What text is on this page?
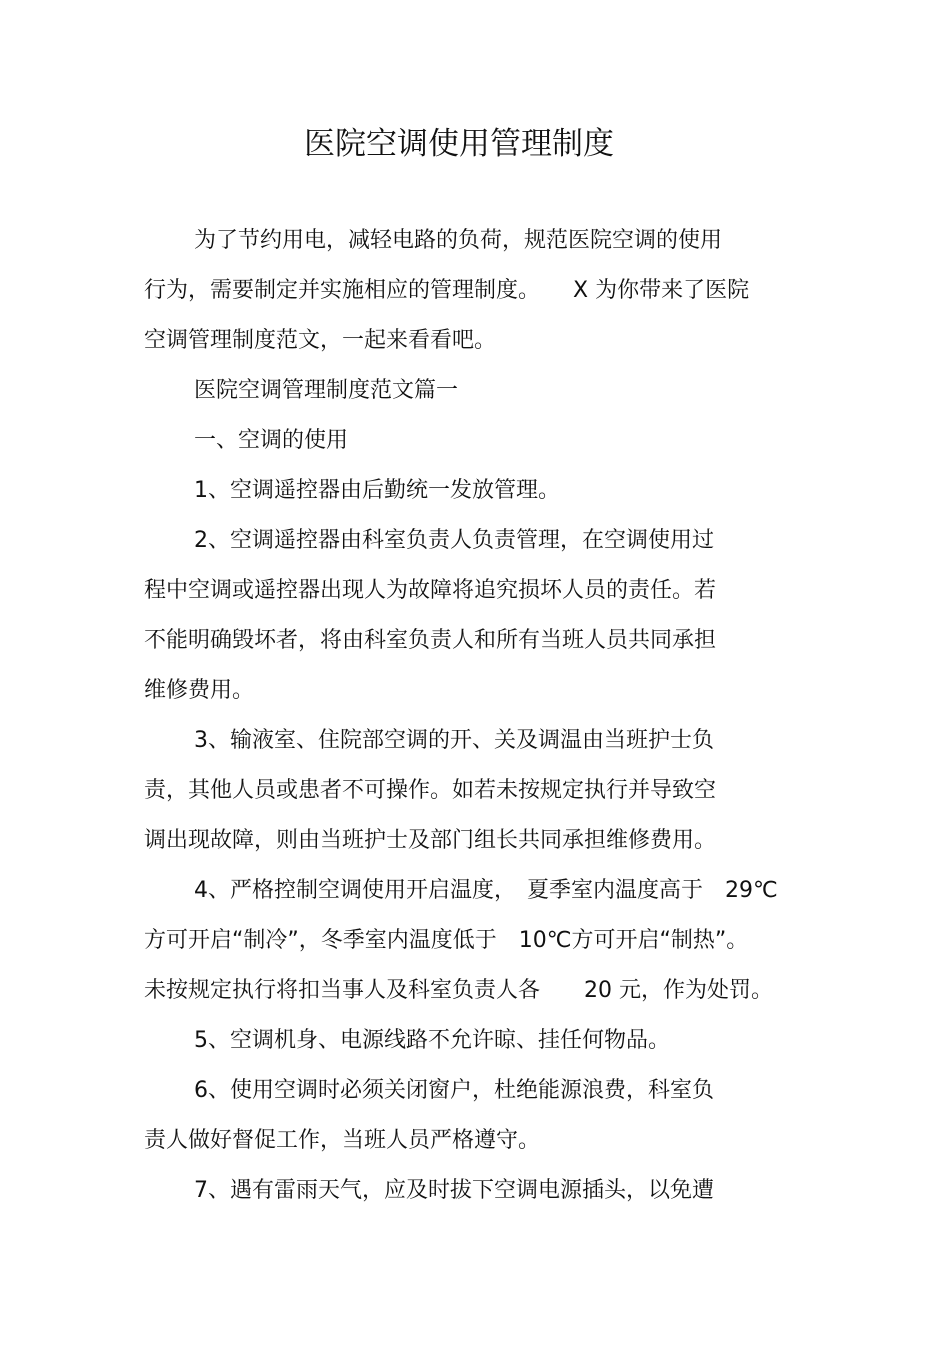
医院空调使用管理制度
为了节约用电，减轻电路的负荷，规范医院空调的使用
行为，需要制定并实施相应的管理制度。　　X 为你带来了医院
空调管理制度范文，一起来看看吧。
医院空调管理制度范文篇一
一、空调的使用
1、空调遥控器由后勤统一发放管理。
2、空调遥控器由科室负责人负责管理，在空调使用过
程中空调或遥控器出现人为故障将追究损坏人员的责任。若
不能明确毁坏者，将由科室负责人和所有当班人员共同承担
维修费用。
3、输液室、住院部空调的开、关及调温由当班护士负
责，其他人员或患者不可操作。如若未按规定执行并导致空
调出现故障，则由当班护士及部门组长共同承担维修费用。
4、严格控制空调使用开启温度，　夏季室内温度高于　29℃
方可开启“制冷”，冬季室内温度低于　10℃方可开启“制热”。
未按规定执行将扣当事人及科室负责人各　　20 元，作为处罚。
5、空调机身、电源线路不允许晾、挂任何物品。
6、使用空调时必须关闭窗户，杜绝能源浪费，科室负
责人做好督促工作，当班人员严格遵守。
7、遇有雷雨天气，应及时拔下空调电源插头，以免遭
